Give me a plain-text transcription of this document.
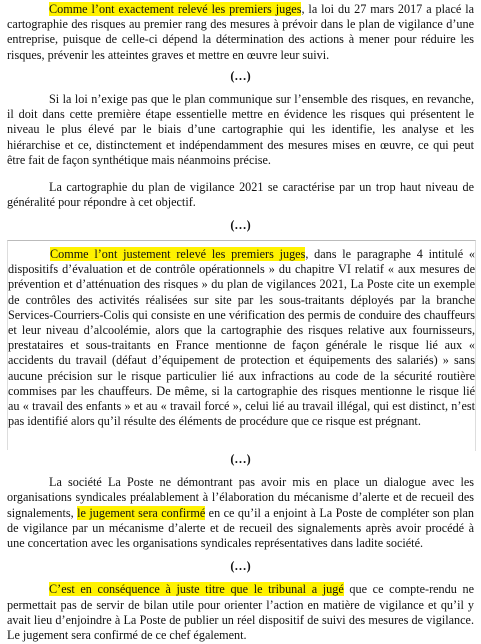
Comme l’ont exactement relevé les premiers juges, la loi du 27 mars 2017 a placé la cartographie des risques au premier rang des mesures à prévoir dans le plan de vigilance d’une entreprise, puisque de celle-ci dépend la détermination des actions à mener pour réduire les risques, prévenir les atteintes graves et mettre en œuvre leur suivi.

(…)

Si la loi n’exige pas que le plan communique sur l’ensemble des risques, en revanche, il doit dans cette première étape essentielle mettre en évidence les risques qui présentent le niveau le plus élevé par le biais d’une cartographie qui les identifie, les analyse et les hiérarchise et ce, distinctement et indépendamment des mesures mises en œuvre, ce qui peut être fait de façon synthétique mais néanmoins précise.

La cartographie du plan de vigilance 2021 se caractérise par un trop haut niveau de généralité pour répondre à cet objectif.

(…)

Comme l’ont justement relevé les premiers juges, dans le paragraphe 4 intitulé « dispositifs d’évaluation et de contrôle opérationnels » du chapitre VI relatif « aux mesures de prévention et d’atténuation des risques » du plan de vigilances 2021, La Poste cite un exemple de contrôles des activités réalisées sur site par les sous-traitants déployés par la branche Services-Courriers-Colis qui consiste en une vérification des permis de conduire des chauffeurs et leur niveau d’alcoolémie, alors que la cartographie des risques relative aux fournisseurs, prestataires et sous-traitants en France mentionne de façon générale le risque lié aux « accidents du travail (défaut d’équipement de protection et équipements des salariés) » sans aucune précision sur le risque particulier lié aux infractions au code de la sécurité routière commises par les chauffeurs. De même, si la cartographie des risques mentionne le risque lié au « travail des enfants » et au « travail forcé », celui lié au travail illégal, qui est distinct, n’est pas identifié alors qu’il résulte des éléments de procédure que ce risque est prégnant.

(…)

La société La Poste ne démontrant pas avoir mis en place un dialogue avec les organisations syndicales préalablement à l’élaboration du mécanisme d’alerte et de recueil des signalements, le jugement sera confirmé en ce qu’il a enjoint à La Poste de compléter son plan de vigilance par un mécanisme d’alerte et de recueil des signalements après avoir procédé à une concertation avec les organisations syndicales représentatives dans ladite société.

(…)

C’est en conséquence à juste titre que le tribunal a jugé que ce compte-rendu ne permettait pas de servir de bilan utile pour orienter l’action en matière de vigilance et qu’il y avait lieu d’enjoindre à La Poste de publier un réel dispositif de suivi des mesures de vigilance. Le jugement sera confirmé de ce chef également.
